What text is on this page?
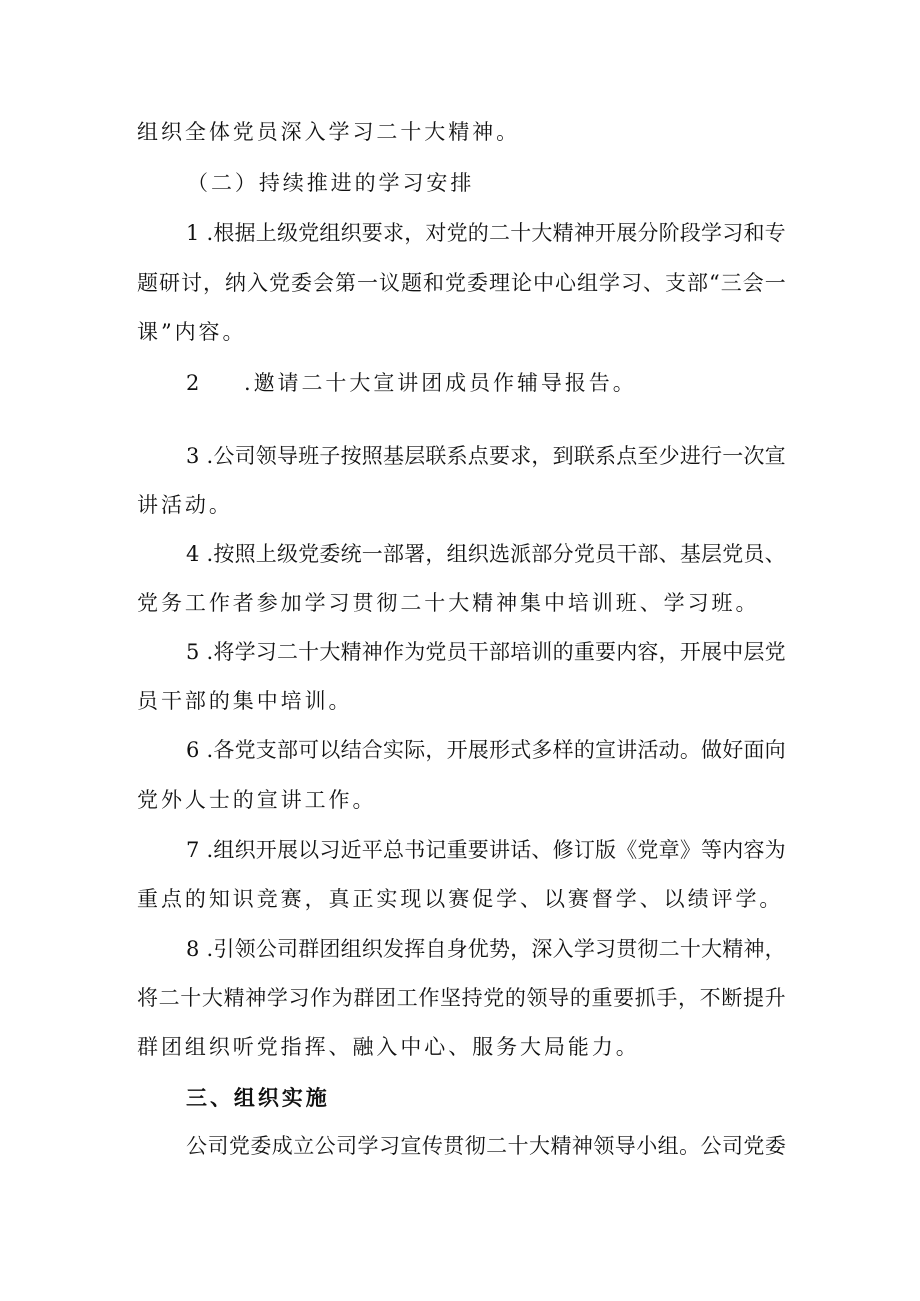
组织全体党员深入学习二十大精神。
（二）持续推进的学习安排
1
. 根 据 上 级 党 组 织 要 求 ， 对 党 的 二 十 大 精 神 开 展 分 阶 段 学 习 和 专
题 研 讨 ， 纳 入 党 委 会 第 一 议 题 和 党 委 理 论 中 心 组 学 习 、 支 部 “ 三 会 一
课”内容。
2 .邀请二十大宣讲团成员作辅导报告。
3
. 公 司 领 导 班 子 按 照 基 层 联 系 点 要 求 ， 到 联 系 点 至 少 进 行 一 次 宣
讲活动。
4
. 按 照 上 级 党 委 统 一 部 署 ， 组 织 选 派 部 分 党 员 干 部 、 基 层 党 员 、
党务工作者参加学习贯彻二十大精神集中培训班、学习班。
5
. 将 学 习 二 十 大 精 神 作 为 党 员 干 部 培 训 的 重 要 内 容 ， 开 展 中 层 党
员干部的集中培训。
6
. 各 党 支 部 可 以 结 合 实 际 ， 开 展 形 式 多 样 的 宣 讲 活 动 。 做 好 面 向
党外人士的宣讲工作。
7
. 组 织 开 展 以 习 近 平 总 书 记 重 要 讲 话 、 修 订 版 《 党 章 》 等 内 容 为
重点的知识竞赛，真正实现以赛促学、以赛督学、以绩评学。
8
. 引 领 公 司 群 团 组 织 发 挥 自 身 优 势 ， 深 入 学 习 贯 彻 二 十 大 精 神 ，
将 二 十 大 精 神 学 习 作 为 群 团 工 作 坚 持 党 的 领 导 的 重 要 抓 手 ， 不 断 提 升
群团组织听党指挥、融入中心、服务大局能力。
三、组织实施
公 司 党 委 成 立 公 司 学 习 宣 传 贯 彻 二 十 大 精 神 领 导 小 组 。 公 司 党 委
